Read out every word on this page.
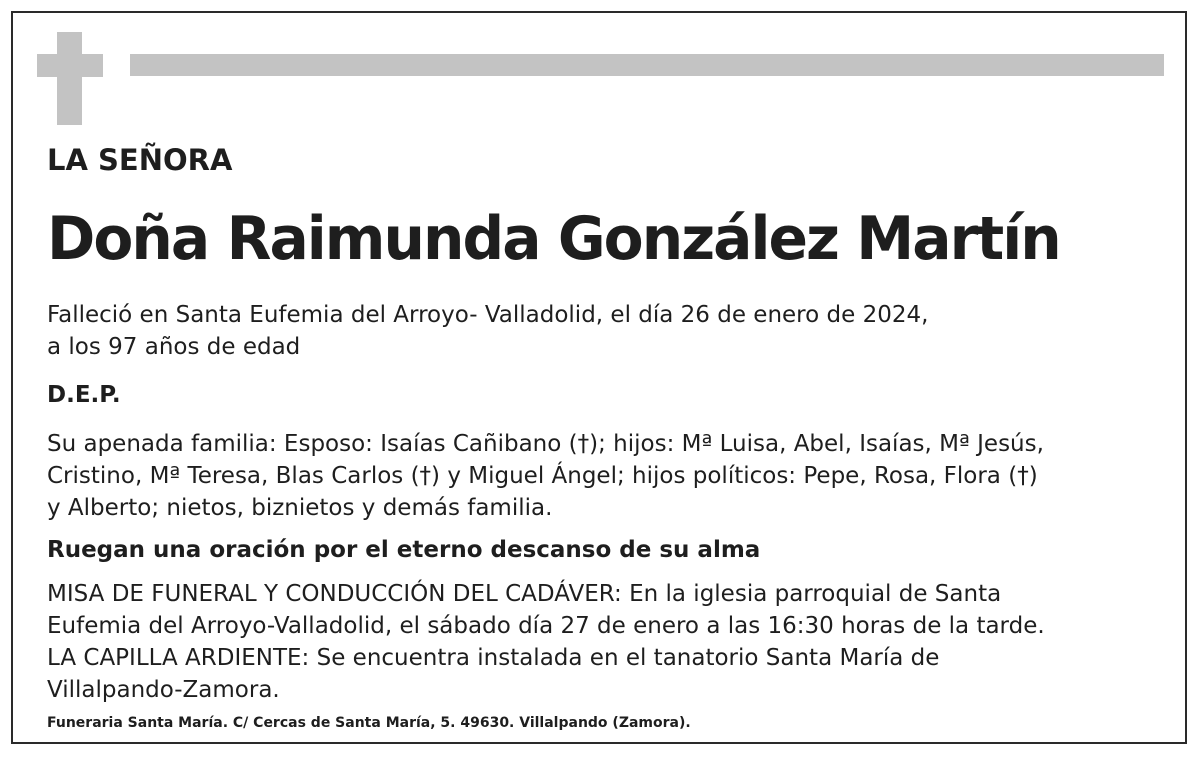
LA SEÑORA
Doña Raimunda González Martín
Falleció en Santa Eufemia del Arroyo- Valladolid, el día 26 de enero de 2024,
a los 97 años de edad
D.E.P.
Su apenada familia: Esposo: Isaías Cañibano (†); hijos: Mª Luisa, Abel, Isaías, Mª Jesús,
Cristino, Mª Teresa, Blas Carlos (†) y Miguel Ángel; hijos políticos: Pepe, Rosa, Flora (†)
y Alberto; nietos, biznietos y demás familia.
Ruegan una oración por el eterno descanso de su alma
MISA DE FUNERAL Y CONDUCCIÓN DEL CADÁVER: En la iglesia parroquial de Santa
Eufemia del Arroyo-Valladolid, el sábado día 27 de enero a las 16:30 horas de la tarde.
LA CAPILLA ARDIENTE: Se encuentra instalada en el tanatorio Santa María de
Villalpando-Zamora.
Funeraria Santa María. C/ Cercas de Santa María, 5. 49630. Villalpando (Zamora).
